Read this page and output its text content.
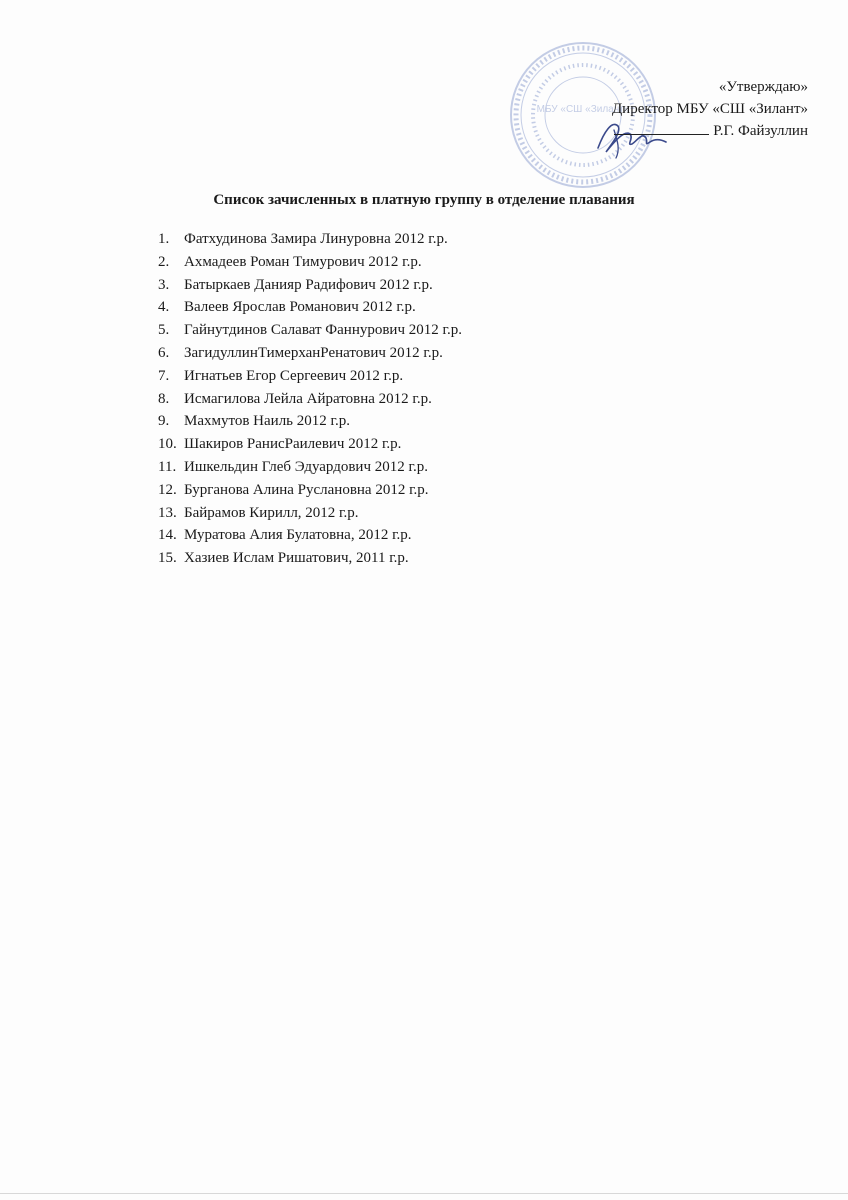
МБУ «СШ «Зилант»
«Утверждаю»
Директор МБУ «СШ «Зилант»
Р.Г. Файзуллин
Список зачисленных в платную группу в отделение плавания
1. Фатхудинова Замира Линуровна 2012 г.р.
2. Ахмадеев Роман Тимурович 2012 г.р.
3. Батыркаев Данияр Радифович 2012 г.р.
4. Валеев Ярослав Романович 2012 г.р.
5. Гайнутдинов Салават Фаннурович 2012 г.р.
6. ЗагидуллинТимерханРенатович 2012 г.р.
7. Игнатьев Егор Сергеевич 2012 г.р.
8. Исмагилова Лейла Айратовна 2012 г.р.
9. Махмутов Наиль 2012 г.р.
10. Шакиров РанисРаилевич 2012 г.р.
11. Ишкельдин Глеб Эдуардович 2012 г.р.
12. Бурганова Алина Руслановна 2012 г.р.
13. Байрамов Кирилл, 2012 г.р.
14. Муратова Алия Булатовна, 2012 г.р.
15. Хазиев Ислам Ришатович, 2011 г.р.
